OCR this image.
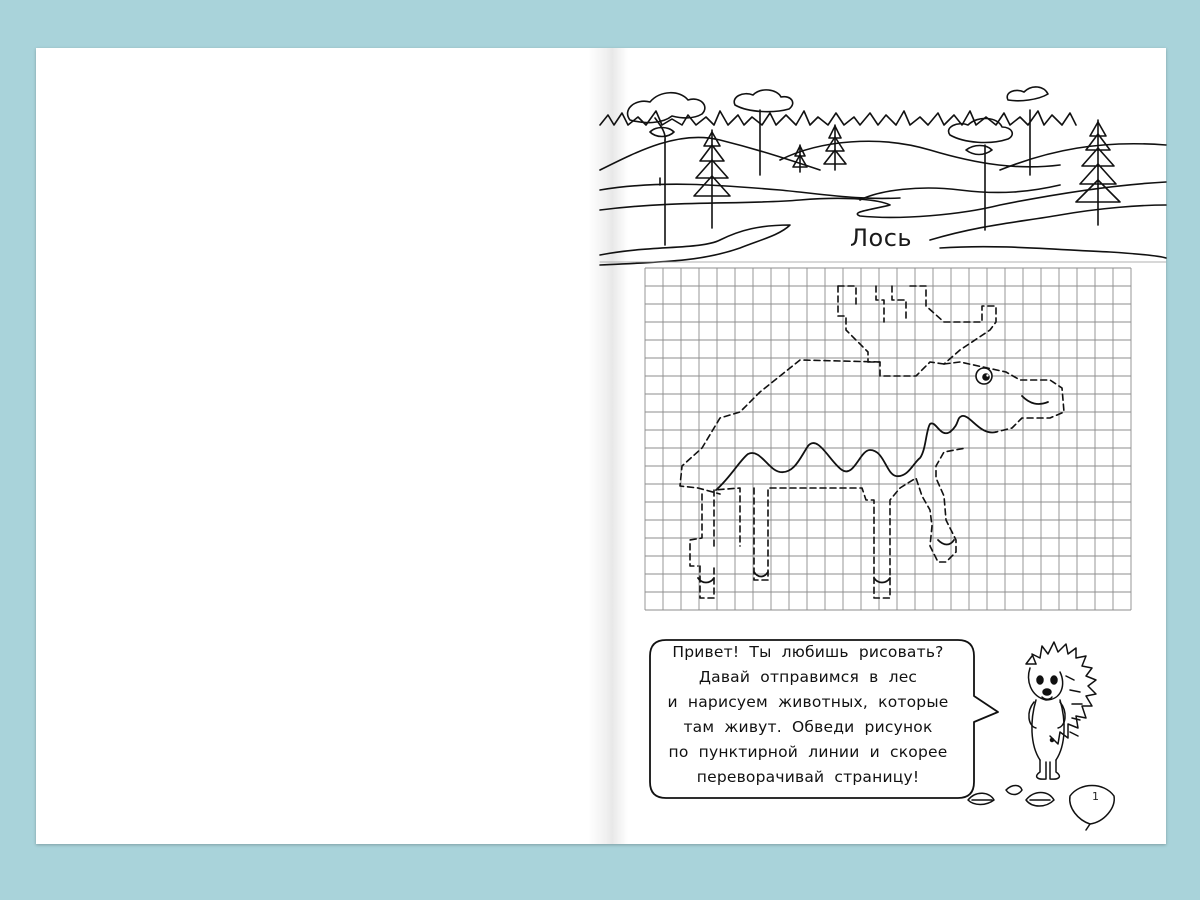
Лось
Привет! Ты любишь рисовать?
Давай отправимся в лес
и нарисуем животных, которые
там живут. Обведи рисунок
по пунктирной линии и скорее
переворачивай страницу!
1
